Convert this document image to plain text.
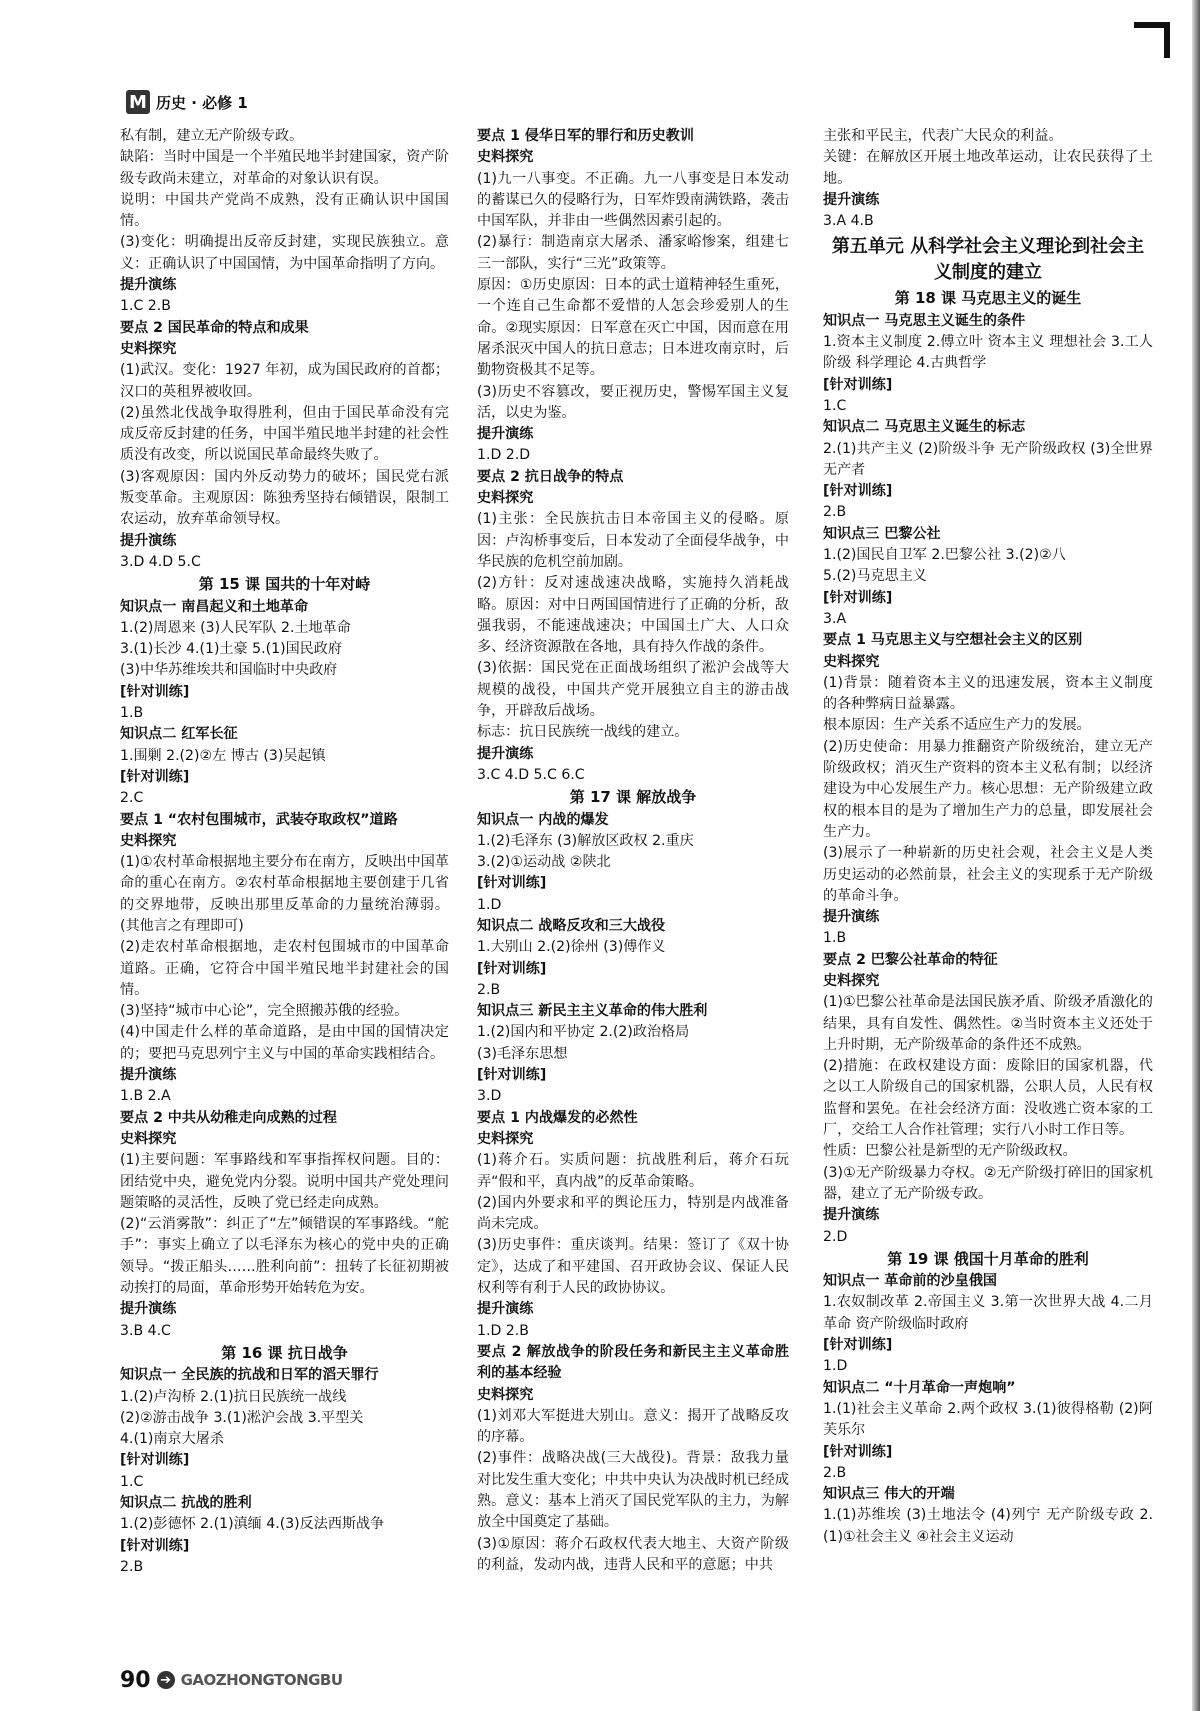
M 历史 · 必修 1

私有制，建立无产阶级专政。

缺陷：当时中国是一个半殖民地半封建国家，资产阶级专政尚未建立，对革命的对象认识有误。

说明：中国共产党尚不成熟，没有正确认识中国国情。

(3)变化：明确提出反帝反封建，实现民族独立。意义：正确认识了中国国情，为中国革命指明了方向。

提升演练

1.C 2.B

要点 2 国民革命的特点和成果

史料探究

(1)武汉。变化：1927 年初，成为国民政府的首都；汉口的英租界被收回。

(2)虽然北伐战争取得胜利，但由于国民革命没有完成反帝反封建的任务，中国半殖民地半封建的社会性质没有改变，所以说国民革命最终失败了。

(3)客观原因：国内外反动势力的破坏；国民党右派叛变革命。主观原因：陈独秀坚持右倾错误，限制工农运动，放弃革命领导权。

提升演练

3.D 4.D 5.C

第 15 课 国共的十年对峙

知识点一 南昌起义和土地革命

1.(2)周恩来 (3)人民军队 2.土地革命

3.(1)长沙 4.(1)土豪 5.(1)国民政府

(3)中华苏维埃共和国临时中央政府

[针对训练]

1.B

知识点二 红军长征

1.围剿 2.(2)②左 博古 (3)吴起镇

[针对训练]

2.C

要点 1 “农村包围城市，武装夺取政权”道路

史料探究

(1)①农村革命根据地主要分布在南方，反映出中国革命的重心在南方。②农村革命根据地主要创建于几省的交界地带，反映出那里反革命的力量统治薄弱。(其他言之有理即可)

(2)走农村革命根据地，走农村包围城市的中国革命道路。正确，它符合中国半殖民地半封建社会的国情。

(3)坚持“城市中心论”，完全照搬苏俄的经验。

(4)中国走什么样的革命道路，是由中国的国情决定的；要把马克思列宁主义与中国的革命实践相结合。

提升演练

1.B 2.A

要点 2 中共从幼稚走向成熟的过程

史料探究

(1)主要问题：军事路线和军事指挥权问题。目的：团结党中央，避免党内分裂。说明中国共产党处理问题策略的灵活性，反映了党已经走向成熟。

(2)“云消雾散”：纠正了“左”倾错误的军事路线。“舵手”：事实上确立了以毛泽东为核心的党中央的正确领导。“拨正船头……胜利向前”：扭转了长征初期被动挨打的局面，革命形势开始转危为安。

提升演练

3.B 4.C

第 16 课 抗日战争

知识点一 全民族的抗战和日军的滔天罪行

1.(2)卢沟桥 2.(1)抗日民族统一战线

(2)②游击战争 3.(1)淞沪会战 3.平型关

4.(1)南京大屠杀

[针对训练]

1.C

知识点二 抗战的胜利

1.(2)彭德怀 2.(1)滇缅 4.(3)反法西斯战争

[针对训练]

2.B

要点 1 侵华日军的罪行和历史教训

史料探究

(1)九一八事变。不正确。九一八事变是日本发动的蓄谋已久的侵略行为，日军炸毁南满铁路，袭击中国军队，并非由一些偶然因素引起的。

(2)暴行：制造南京大屠杀、潘家峪惨案，组建七三一部队，实行“三光”政策等。

原因：①历史原因：日本的武士道精神轻生重死，一个连自己生命都不爱惜的人怎会珍爱别人的生命。②现实原因：日军意在灭亡中国，因而意在用屠杀泯灭中国人的抗日意志；日本进攻南京时，后勤物资极其不足等。

(3)历史不容篡改，要正视历史，警惕军国主义复活，以史为鉴。

提升演练

1.D 2.D

要点 2 抗日战争的特点

史料探究

(1)主张：全民族抗击日本帝国主义的侵略。原因：卢沟桥事变后，日本发动了全面侵华战争，中华民族的危机空前加剧。

(2)方针：反对速战速决战略，实施持久消耗战略。原因：对中日两国国情进行了正确的分析，敌强我弱，不能速战速决；中国国土广大、人口众多、经济资源散在各地，具有持久作战的条件。

(3)依据：国民党在正面战场组织了淞沪会战等大规模的战役，中国共产党开展独立自主的游击战争，开辟敌后战场。

标志：抗日民族统一战线的建立。

提升演练

3.C 4.D 5.C 6.C

第 17 课 解放战争

知识点一 内战的爆发

1.(2)毛泽东 (3)解放区政权 2.重庆

3.(2)①运动战 ②陕北

[针对训练]

1.D

知识点二 战略反攻和三大战役

1.大别山 2.(2)徐州 (3)傅作义

[针对训练]

2.B

知识点三 新民主主义革命的伟大胜利

1.(2)国内和平协定 2.(2)政治格局

(3)毛泽东思想

[针对训练]

3.D

要点 1 内战爆发的必然性

史料探究

(1)蒋介石。实质问题：抗战胜利后，蒋介石玩弄“假和平，真内战”的反革命策略。

(2)国内外要求和平的舆论压力，特别是内战准备尚未完成。

(3)历史事件：重庆谈判。结果：签订了《双十协定》，达成了和平建国、召开政协会议、保证人民权利等有利于人民的政协协议。

提升演练

1.D 2.B

要点 2 解放战争的阶段任务和新民主主义革命胜利的基本经验

史料探究

(1)刘邓大军挺进大别山。意义：揭开了战略反攻的序幕。

(2)事件：战略决战(三大战役)。背景：敌我力量对比发生重大变化；中共中央认为决战时机已经成熟。意义：基本上消灭了国民党军队的主力，为解放全中国奠定了基础。

(3)①原因：蒋介石政权代表大地主、大资产阶级的利益，发动内战，违背人民和平的意愿；中共

主张和平民主，代表广大民众的利益。

关键：在解放区开展土地改革运动，让农民获得了土地。

提升演练

3.A 4.B

第五单元 从科学社会主义理论到社会主义制度的建立

第 18 课 马克思主义的诞生

知识点一 马克思主义诞生的条件

1.资本主义制度 2.傅立叶 资本主义 理想社会 3.工人阶级 科学理论 4.古典哲学

[针对训练]

1.C

知识点二 马克思主义诞生的标志

2.(1)共产主义 (2)阶级斗争 无产阶级政权 (3)全世界无产者

[针对训练]

2.B

知识点三 巴黎公社

1.(2)国民自卫军 2.巴黎公社 3.(2)②八

5.(2)马克思主义

[针对训练]

3.A

要点 1 马克思主义与空想社会主义的区别

史料探究

(1)背景：随着资本主义的迅速发展，资本主义制度的各种弊病日益暴露。

根本原因：生产关系不适应生产力的发展。

(2)历史使命：用暴力推翻资产阶级统治，建立无产阶级政权；消灭生产资料的资本主义私有制；以经济建设为中心发展生产力。核心思想：无产阶级建立政权的根本目的是为了增加生产力的总量，即发展社会生产力。

(3)展示了一种崭新的历史社会观，社会主义是人类历史运动的必然前景，社会主义的实现系于无产阶级的革命斗争。

提升演练

1.B

要点 2 巴黎公社革命的特征

史料探究

(1)①巴黎公社革命是法国民族矛盾、阶级矛盾激化的结果，具有自发性、偶然性。②当时资本主义还处于上升时期，无产阶级革命的条件还不成熟。

(2)措施：在政权建设方面：废除旧的国家机器，代之以工人阶级自己的国家机器，公职人员，人民有权监督和罢免。在社会经济方面：没收逃亡资本家的工厂，交给工人合作社管理；实行八小时工作日等。

性质：巴黎公社是新型的无产阶级政权。

(3)①无产阶级暴力夺权。②无产阶级打碎旧的国家机器，建立了无产阶级专政。

提升演练

2.D

第 19 课 俄国十月革命的胜利

知识点一 革命前的沙皇俄国

1.农奴制改革 2.帝国主义 3.第一次世界大战 4.二月革命 资产阶级临时政府

[针对训练]

1.D

知识点二 “十月革命一声炮响”

1.(1)社会主义革命 2.两个政权 3.(1)彼得格勒 (2)阿芙乐尔

[针对训练]

2.B

知识点三 伟大的开端

1.(1)苏维埃 (3)土地法令 (4)列宁 无产阶级专政 2.(1)①社会主义 ④社会主义运动

90 ➔ GAOZHONGTONGBU
